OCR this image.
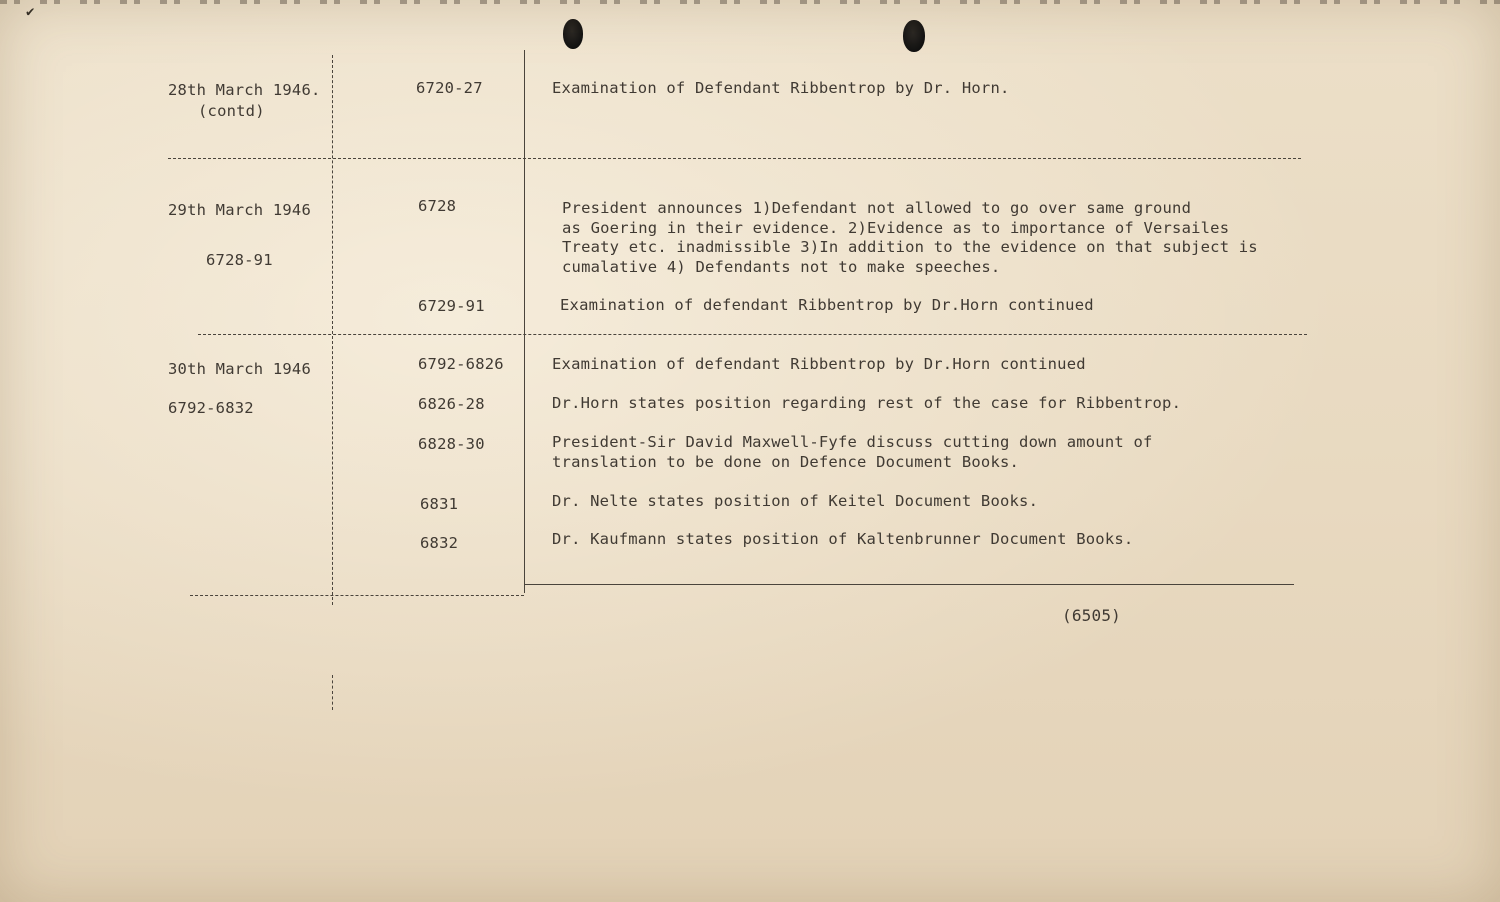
✔
28th March 1946.
(contd)
6720-27	Examination of Defendant Ribbentrop by Dr. Horn.
29th March 1946
6728-91
6728	President announces 1)Defendant not allowed to go over same ground
as Goering in their evidence. 2)Evidence as to importance of Versailes
Treaty etc. inadmissible 3)In addition to the evidence on that subject is
cumalative 4) Defendants not to make speeches.
6729-91	Examination of defendant Ribbentrop by Dr.Horn continued
30th March 1946
6792-6832
6792-6826	Examination of defendant Ribbentrop by Dr.Horn continued
6826-28	Dr.Horn states position regarding rest of the case for Ribbentrop.
6828-30	President-Sir David Maxwell-Fyfe discuss cutting down amount of
translation to be done on Defence Document Books.
6831	Dr. Nelte states position of Keitel Document Books.
6832	Dr. Kaufmann states position of Kaltenbrunner Document Books.
(6505)
